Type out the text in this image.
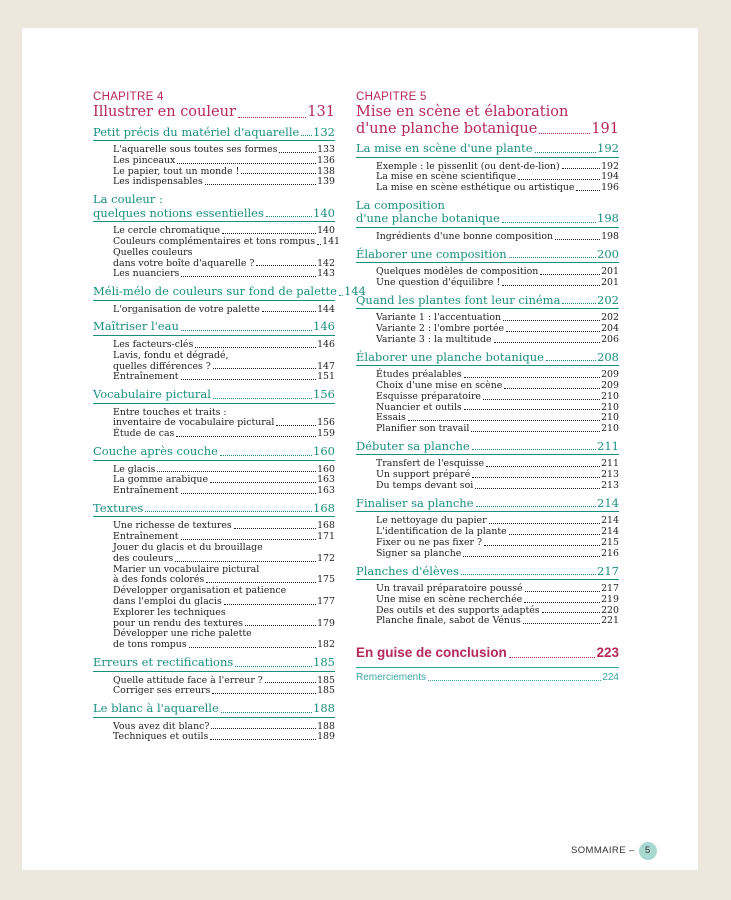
CHAPITRE 4
Illustrer en couleur	131
Petit précis du matériel d'aquarelle 132
L'aquarelle sous toutes ses formes	133
Les pinceaux	136
Le papier, tout un monde !	138
Les indispensables	139
La couleur :
quelques notions essentielles	140
Le cercle chromatique	140
Couleurs complémentaires et tons rompus 141
Quelles couleurs
dans votre boîte d'aquarelle ?	142
Les nuanciers	143
Méli-mélo de couleurs sur fond de palette 144
L'organisation de votre palette	144
Maîtriser l'eau	146
Les facteurs-clés	146
Lavis, fondu et dégradé,
quelles différences ?	147
Entraînement	151
Vocabulaire pictural	156
Entre touches et traits :
inventaire de vocabulaire pictural	156
Étude de cas	159
Couche après couche	160
Le glacis	160
La gomme arabique	163
Entraînement	163
Textures	168
Une richesse de textures	168
Entraînement	171
Jouer du glacis et du brouillage
des couleurs	172
Marier un vocabulaire pictural
à des fonds colorés	175
Développer organisation et patience
dans l'emploi du glacis	177
Explorer les techniques
pour un rendu des textures	179
Développer une riche palette
de tons rompus	182
Erreurs et rectifications	185
Quelle attitude face à l'erreur ?	185
Corriger ses erreurs	185
Le blanc à l'aquarelle	188
Vous avez dit blanc?	188
Techniques et outils	189
CHAPITRE 5
Mise en scène et élaboration
d'une planche botanique	191
La mise en scène d'une plante	192
Exemple : le pissenlit (ou dent-de-lion)	192
La mise en scène scientifique	194
La mise en scène esthétique ou artistique	196
La composition
d'une planche botanique	198
Ingrédients d'une bonne composition	198
Élaborer une composition	200
Quelques modèles de composition	201
Une question d'équilibre !	201
Quand les plantes font leur cinéma	202
Variante 1 : l'accentuation	202
Variante 2 : l'ombre portée	204
Variante 3 : la multitude	206
Élaborer une planche botanique	208
Études préalables	209
Choix d'une mise en scène	209
Esquisse préparatoire	210
Nuancier et outils	210
Essais	210
Planifier son travail	210
Débuter sa planche	211
Transfert de l'esquisse	211
Un support préparé	213
Du temps devant soi	213
Finaliser sa planche	214
Le nettoyage du papier	214
L'identification de la plante	214
Fixer ou ne pas fixer ?	215
Signer sa planche	216
Planches d'élèves	217
Un travail préparatoire poussé	217
Une mise en scène recherchée	219
Des outils et des supports adaptés	220
Planche finale, sabot de Vénus	221
En guise de conclusion	223
Remerciements	224
SOMMAIRE – 5
